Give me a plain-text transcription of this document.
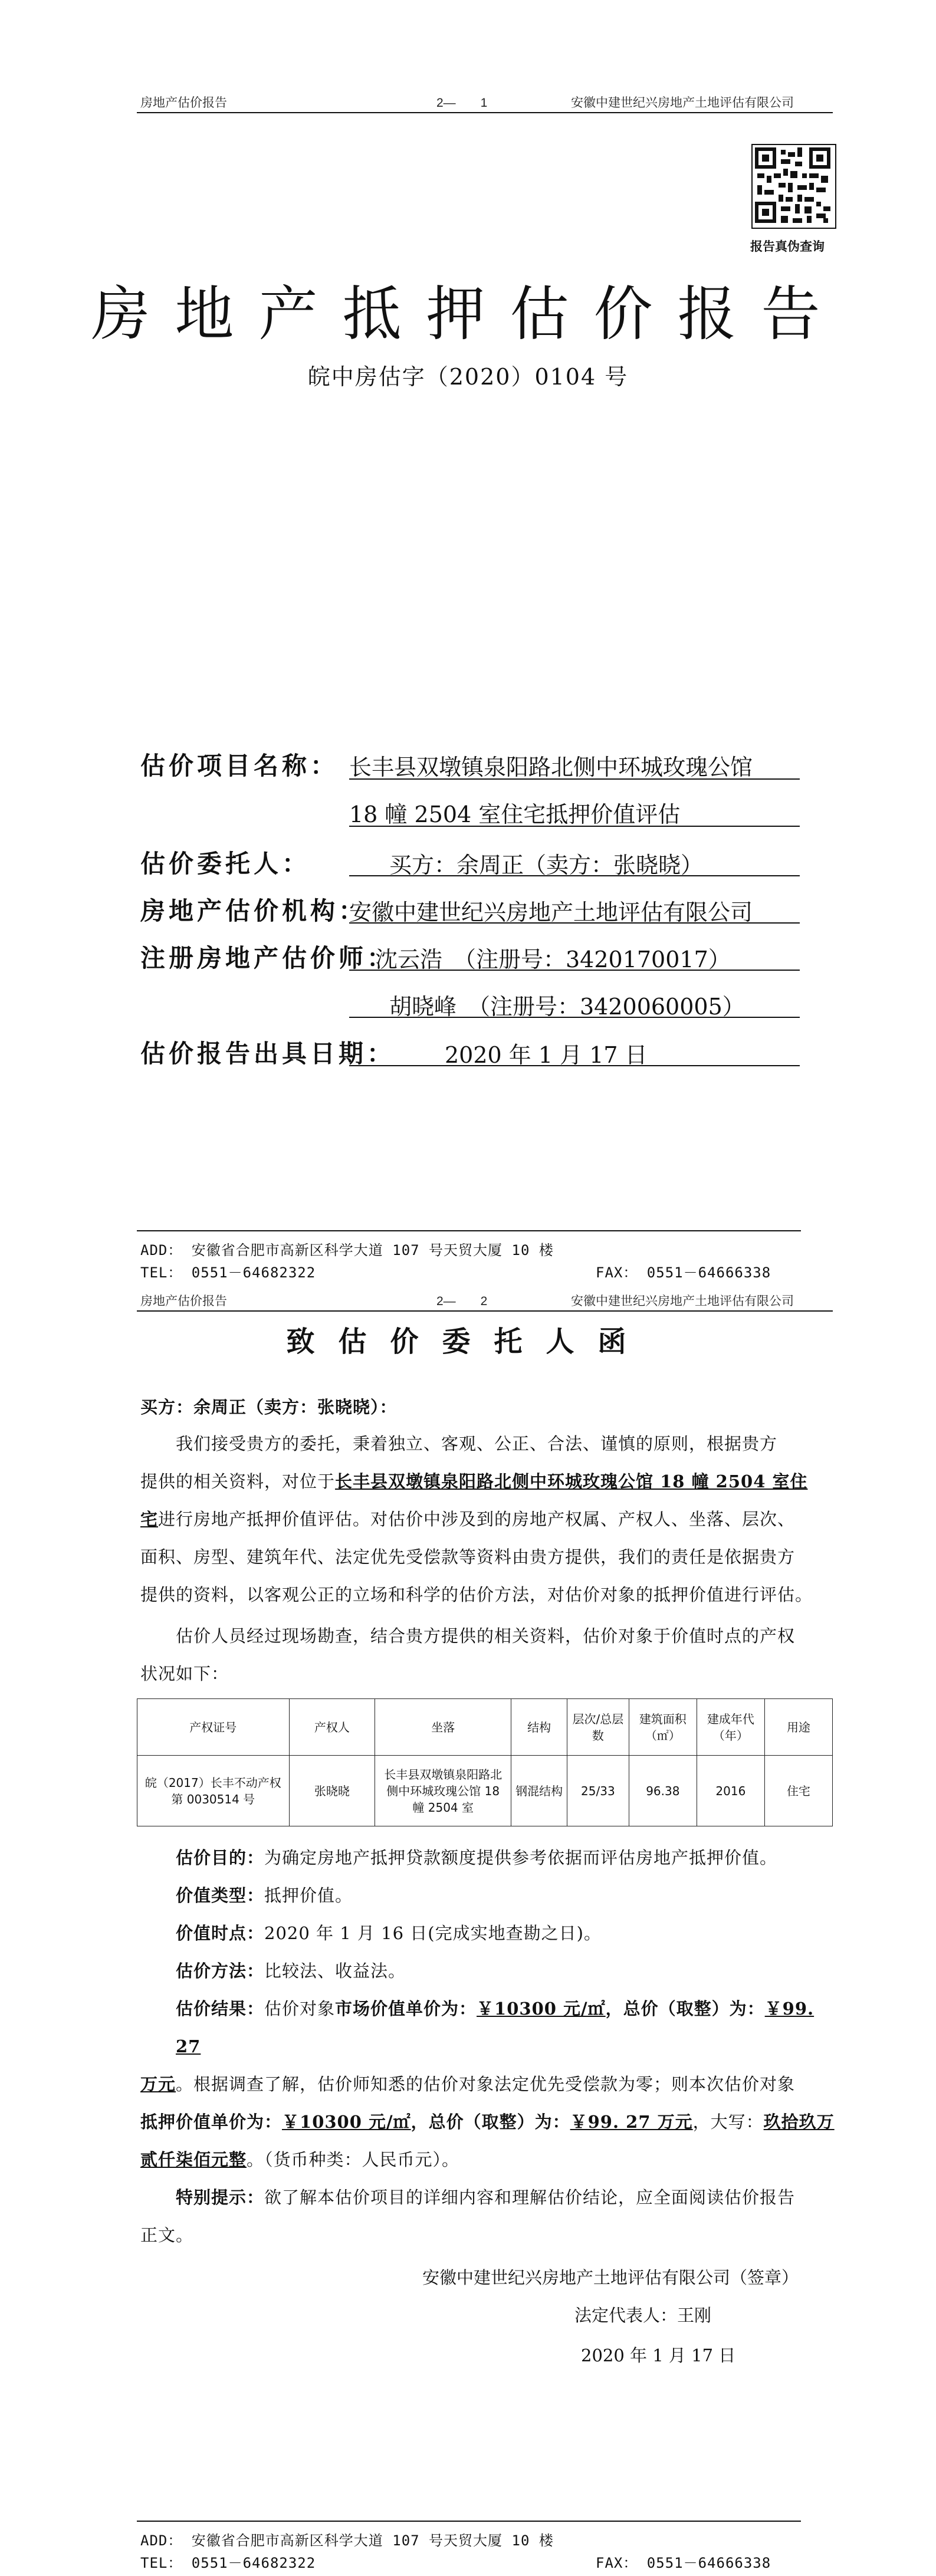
房地产估价报告	2—　　1	安徽中建世纪兴房地产土地评估有限公司
报告真伪查询
房地产抵押估价报告
皖中房估字（2020）0104 号
估价项目名称： 长丰县双墩镇泉阳路北侧中环城玫瑰公馆
18 幢 2504 室住宅抵押价值评估
估价委托人：	买方：余周正（卖方：张晓晓）
房地产估价机构：
安徽中建世纪兴房地产土地评估有限公司
注册房地产估价师：
沈云浩　（注册号：3420170017）
胡晓峰　（注册号：3420060005）
估价报告出具日期： 2020 年 1 月 17 日
ADD： 安徽省合肥市高新区科学大道 107 号天贸大厦 10 楼
TEL： 0551－64682322	FAX： 0551－64666338
房地产估价报告	2—　　2	安徽中建世纪兴房地产土地评估有限公司
致估价委托人函
买方：余周正（卖方：张晓晓）：
我们接受贵方的委托，秉着独立、客观、公正、合法、谨慎的原则，根据贵方
提供的相关资料，对位于长丰县双墩镇泉阳路北侧中环城玫瑰公馆 18 幢 2504 室住
宅进行房地产抵押价值评估。对估价中涉及到的房地产权属、产权人、坐落、层次、
面积、房型、建筑年代、法定优先受偿款等资料由贵方提供，我们的责任是依据贵方
提供的资料，以客观公正的立场和科学的估价方法，对估价对象的抵押价值进行评估。
估价人员经过现场勘查，结合贵方提供的相关资料，估价对象于价值时点的产权
状况如下：
产权证号	产权人	坐落	结构	层次/总层数	建筑面积（㎡）	建成年代（年）	用途
皖（2017）长丰不动产权第 0030514 号	张晓晓	长丰县双墩镇泉阳路北侧中环城玫瑰公馆 18 幢 2504 室	钢混结构	25/33	96.38	2016	住宅
估价目的：为确定房地产抵押贷款额度提供参考依据而评估房地产抵押价值。
价值类型：抵押价值。
价值时点：2020 年 1 月 16 日(完成实地查勘之日)。
估价方法：比较法、收益法。
估价结果：估价对象市场价值单价为：￥10300 元/㎡，总价（取整）为：￥99. 27
万元。根据调查了解，估价师知悉的估价对象法定优先受偿款为零；则本次估价对象
抵押价值单价为：￥10300 元/㎡，总价（取整）为：￥99. 27 万元，大写：玖拾玖万
贰仟柒佰元整。（货币种类：人民币元）。
特别提示：欲了解本估价项目的详细内容和理解估价结论，应全面阅读估价报告
正文。
安徽中建世纪兴房地产土地评估有限公司（签章）
法定代表人：王刚
2020 年 1 月 17 日
ADD： 安徽省合肥市高新区科学大道 107 号天贸大厦 10 楼
TEL： 0551－64682322	FAX： 0551－64666338
